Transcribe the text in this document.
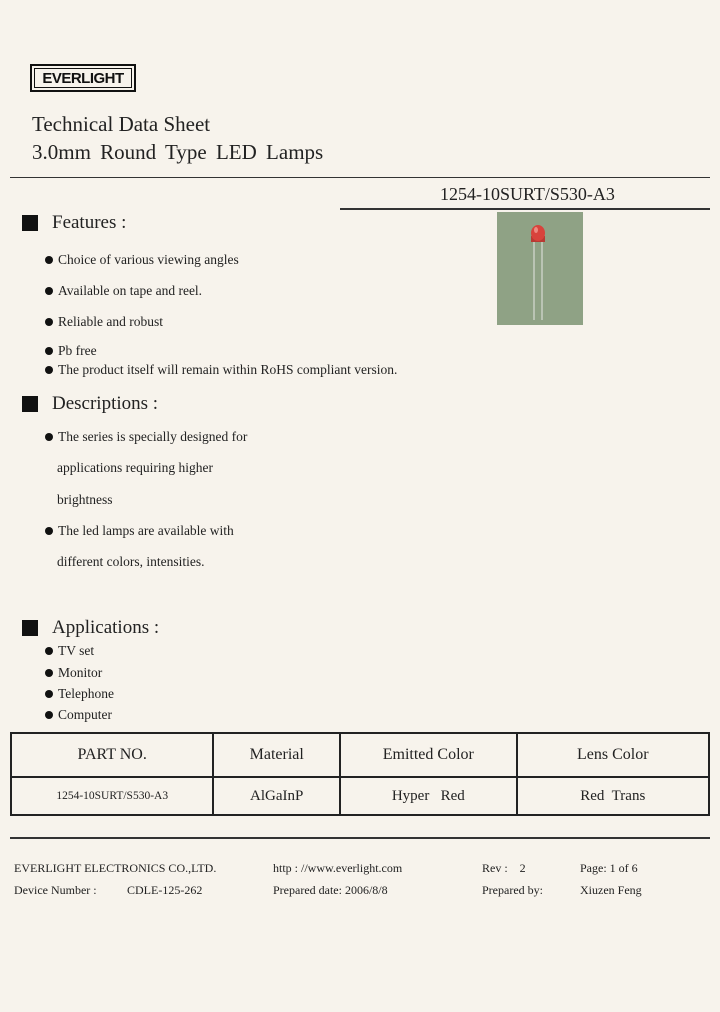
EVERLIGHT
Technical Data Sheet
3.0mm Round Type LED Lamps
1254-10SURT/S530-A3
Features :
Choice of various viewing angles
Available on tape and reel.
Reliable and robust
Pb free
The product itself will remain within RoHS compliant version.
Descriptions :
The series is specially designed for
applications requiring higher
brightness
The led lamps are available with
different colors, intensities.
Applications :
TV set
Monitor
Telephone
Computer
PART NO.	Material	Emitted Color	Lens Color
1254-10SURT/S530-A3	AlGaInP	Hyper   Red	Red  Trans
EVERLIGHT ELECTRONICS CO.,LTD.	http : //www.everlight.com	Rev : 2	Page: 1 of 6
Device Number :	CDLE-125-262	Prepared date: 2006/8/8	Prepared by:	Xiuzen Feng
